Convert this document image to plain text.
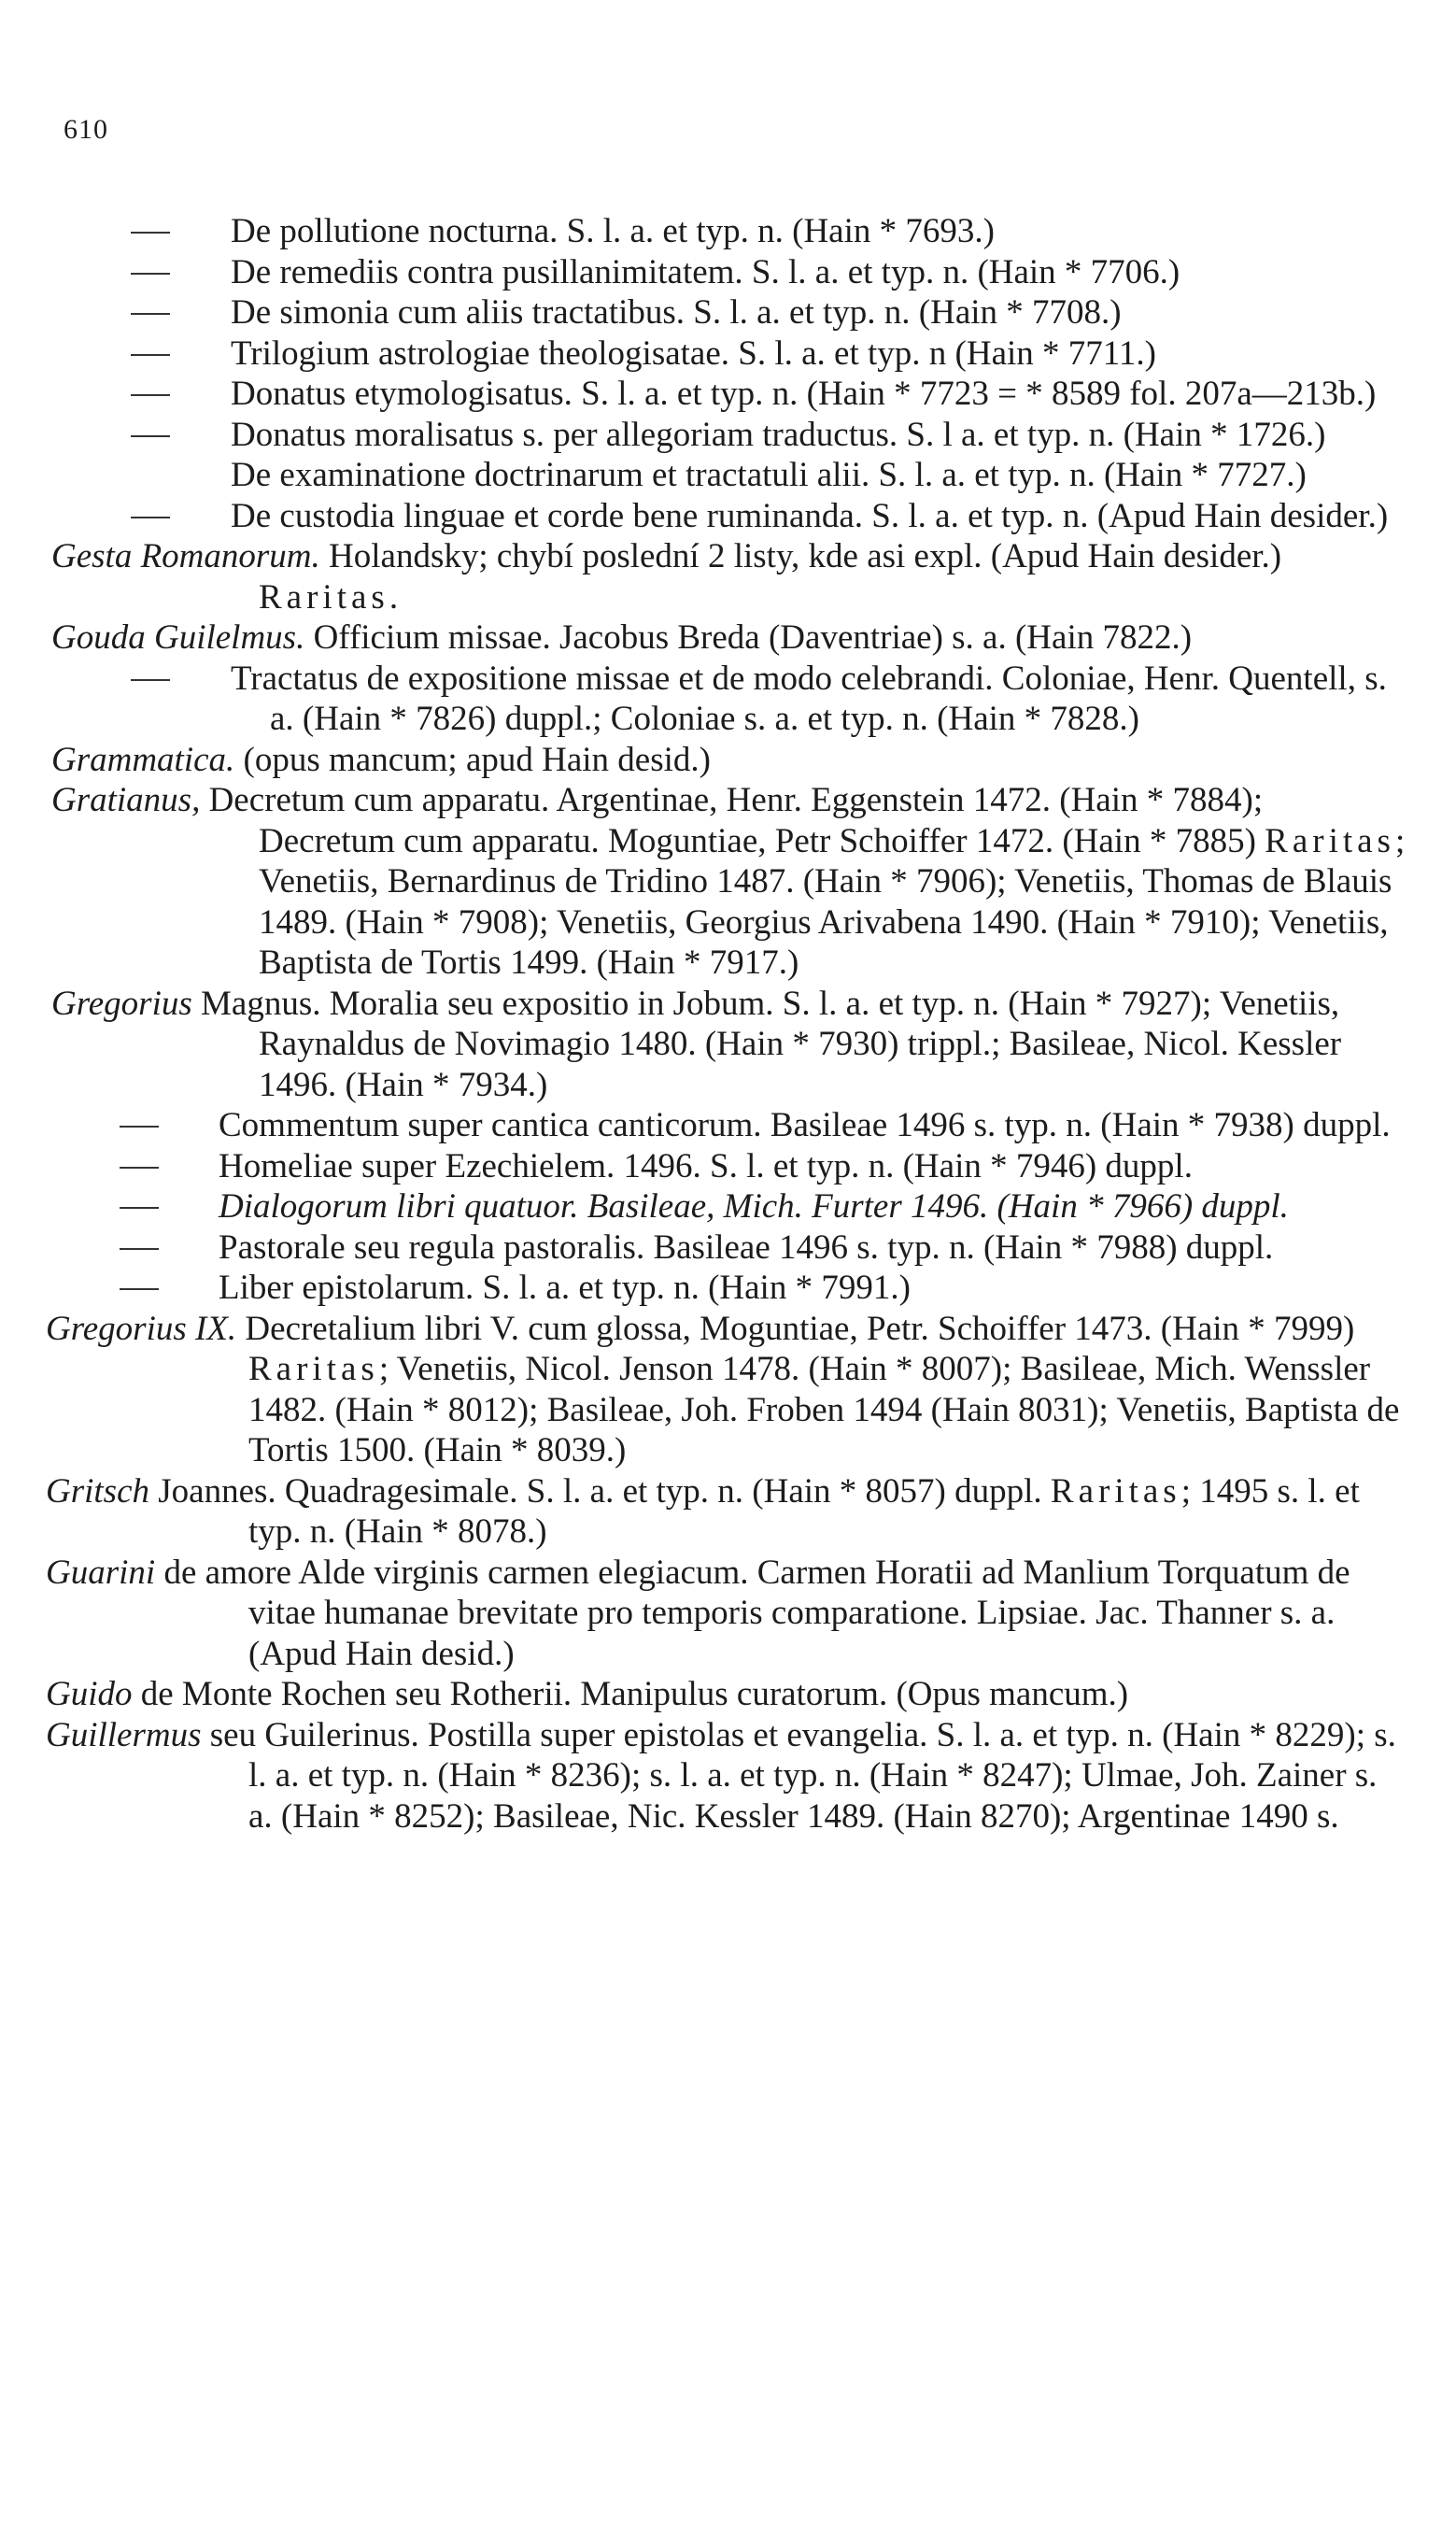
610
De pollutione nocturna. S. l. a. et typ. n. (Hain * 7693.)
De remediis contra pusillanimitatem. S. l. a. et typ. n. (Hain * 7706.)
De simonia cum aliis tractatibus. S. l. a. et typ. n. (Hain * 7708.)
Trilogium astrologiae theologisatae. S. l. a. et typ. n (Hain * 7711.)
Donatus etymologisatus. S. l. a. et typ. n. (Hain * 7723 = * 8589 fol. 207a—213b.)
Donatus moralisatus s. per allegoriam traductus. S. l a. et typ. n. (Hain * 1726.)
De examinatione doctrinarum et tractatuli alii. S. l. a. et typ. n. (Hain * 7727.)
De custodia linguae et corde bene ruminanda. S. l. a. et typ. n. (Apud Hain desider.)
Gesta Romanorum. Holandsky; chybí poslední 2 listy, kde asi expl. (Apud Hain desider.) Raritas.
Gouda Guilelmus. Officium missae. Jacobus Breda (Daventriae) s. a. (Hain 7822.)
Tractatus de expositione missae et de modo celebrandi. Coloniae, Henr. Quentell, s. a. (Hain * 7826) duppl.; Coloniae s. a. et typ. n. (Hain * 7828.)
Grammatica. (opus mancum; apud Hain desid.)
Gratianus, Decretum cum apparatu. Argentinae, Henr. Eggenstein 1472. (Hain * 7884); Decretum cum apparatu. Moguntiae, Petr Schoiffer 1472. (Hain * 7885) Raritas; Venetiis, Bernardinus de Tridino 1487. (Hain * 7906); Venetiis, Thomas de Blauis 1489. (Hain * 7908); Venetiis, Georgius Arivabena 1490. (Hain * 7910); Venetiis, Baptista de Tortis 1499. (Hain * 7917.)
Gregorius Magnus. Moralia seu expositio in Jobum. S. l. a. et typ. n. (Hain * 7927); Venetiis, Raynaldus de Novimagio 1480. (Hain * 7930) trippl.; Basileae, Nicol. Kessler 1496. (Hain * 7934.)
Commentum super cantica canticorum. Basileae 1496 s. typ. n. (Hain * 7938) duppl.
Homeliae super Ezechielem. 1496. S. l. et typ. n. (Hain * 7946) duppl.
Dialogorum libri quatuor. Basileae, Mich. Furter 1496. (Hain * 7966) duppl.
Pastorale seu regula pastoralis. Basileae 1496 s. typ. n. (Hain * 7988) duppl.
Liber epistolarum. S. l. a. et typ. n. (Hain * 7991.)
Gregorius IX. Decretalium libri V. cum glossa, Moguntiae, Petr. Schoiffer 1473. (Hain * 7999) Raritas; Venetiis, Nicol. Jenson 1478. (Hain * 8007); Basileae, Mich. Wenssler 1482. (Hain * 8012); Basileae, Joh. Froben 1494 (Hain 8031); Venetiis, Baptista de Tortis 1500. (Hain * 8039.)
Gritsch Joannes. Quadragesimale. S. l. a. et typ. n. (Hain * 8057) duppl. Raritas; 1495 s. l. et typ. n. (Hain * 8078.)
Guarini de amore Alde virginis carmen elegiacum. Carmen Horatii ad Manlium Torquatum de vitae humanae brevitate pro temporis comparatione. Lipsiae. Jac. Thanner s. a. (Apud Hain desid.)
Guido de Monte Rochen seu Rotherii. Manipulus curatorum. (Opus mancum.)
Guillermus seu Guilerinus. Postilla super epistolas et evangelia. S. l. a. et typ. n. (Hain * 8229); s. l. a. et typ. n. (Hain * 8236); s. l. a. et typ. n. (Hain * 8247); Ulmae, Joh. Zainer s. a. (Hain * 8252); Basileae, Nic. Kessler 1489. (Hain 8270); Argentinae 1490 s.
